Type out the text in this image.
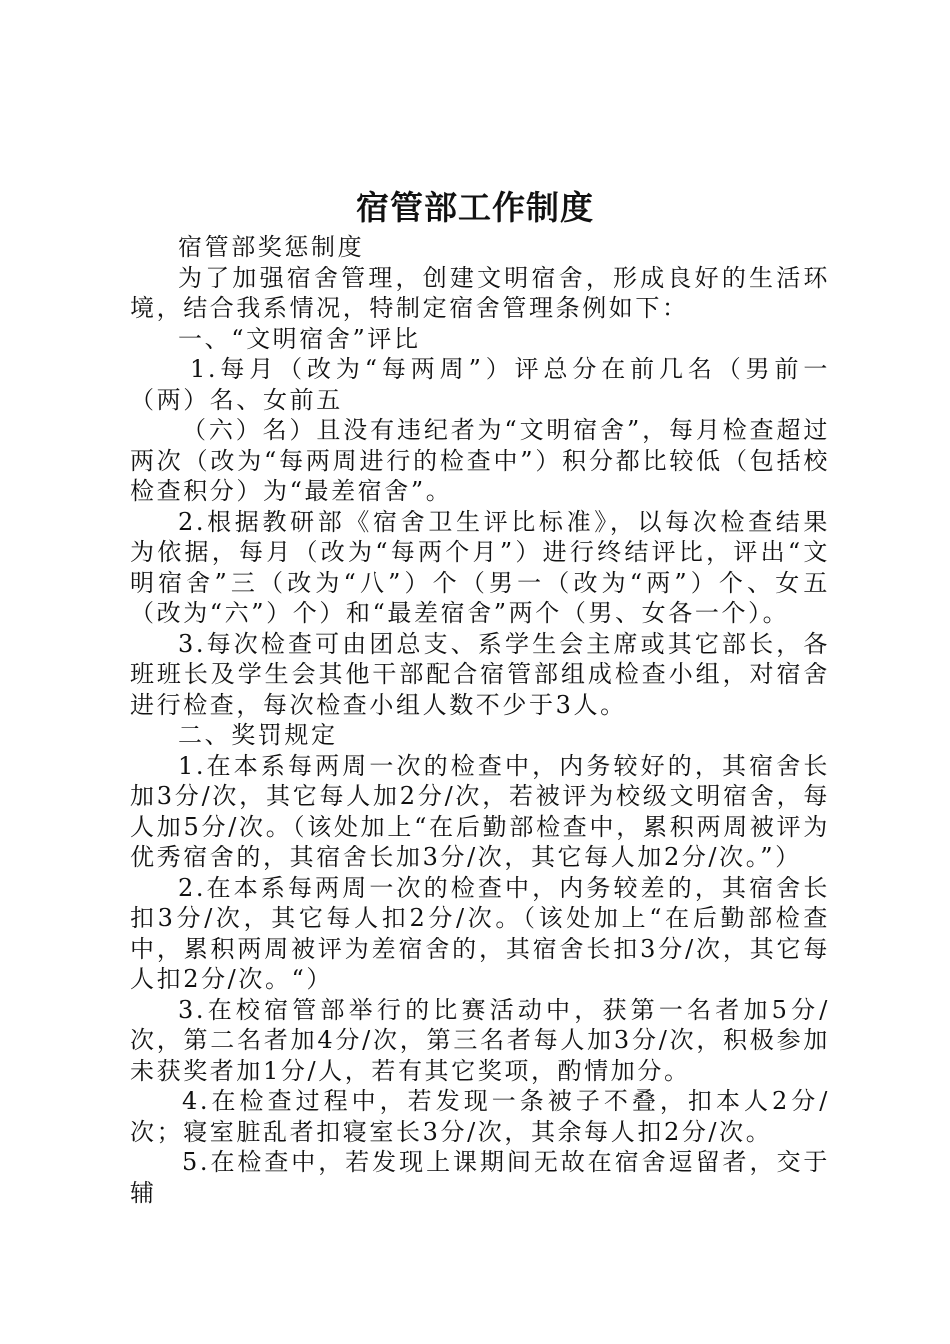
宿管部工作制度

宿管部奖惩制度

为了加强宿舍管理，创建文明宿舍，形成良好的生活环境，结合我系情况，特制定宿舍管理条例如下：

一、“文明宿舍”评比

1.每月（改为“每两周”）评总分在前几名（男前一（两）名、女前五

（六）名）且没有违纪者为“文明宿舍”，每月检查超过两次（改为“每两周进行的检查中”）积分都比较低（包括校检查积分）为“最差宿舍”。

2.根据教研部《宿舍卫生评比标准》，以每次检查结果为依据，每月（改为“每两个月”）进行终结评比，评出“文明宿舍”三（改为“八”）个（男一（改为“两”）个、女五（改为“六”）个）和“最差宿舍”两个（男、女各一个）。

3.每次检查可由团总支、系学生会主席或其它部长，各班班长及学生会其他干部配合宿管部组成检查小组，对宿舍进行检查，每次检查小组人数不少于3人。

二、奖罚规定

1.在本系每两周一次的检查中，内务较好的，其宿舍长加3分/次，其它每人加2分/次，若被评为校级文明宿舍，每人加5分/次。（该处加上“在后勤部检查中，累积两周被评为优秀宿舍的，其宿舍长加3分/次，其它每人加2分/次。”）

2.在本系每两周一次的检查中，内务较差的，其宿舍长扣3分/次，其它每人扣2分/次。（该处加上“在后勤部检查中，累积两周被评为差宿舍的，其宿舍长扣3分/次，其它每人扣2分/次。“）

3.在校宿管部举行的比赛活动中，获第一名者加5分/次，第二名者加4分/次，第三名者每人加3分/次，积极参加未获奖者加1分/人，若有其它奖项，酌情加分。

4.在检查过程中，若发现一条被子不叠，扣本人2分/次；寝室脏乱者扣寝室长3分/次，其余每人扣2分/次。

5.在检查中，若发现上课期间无故在宿舍逗留者，交于辅
